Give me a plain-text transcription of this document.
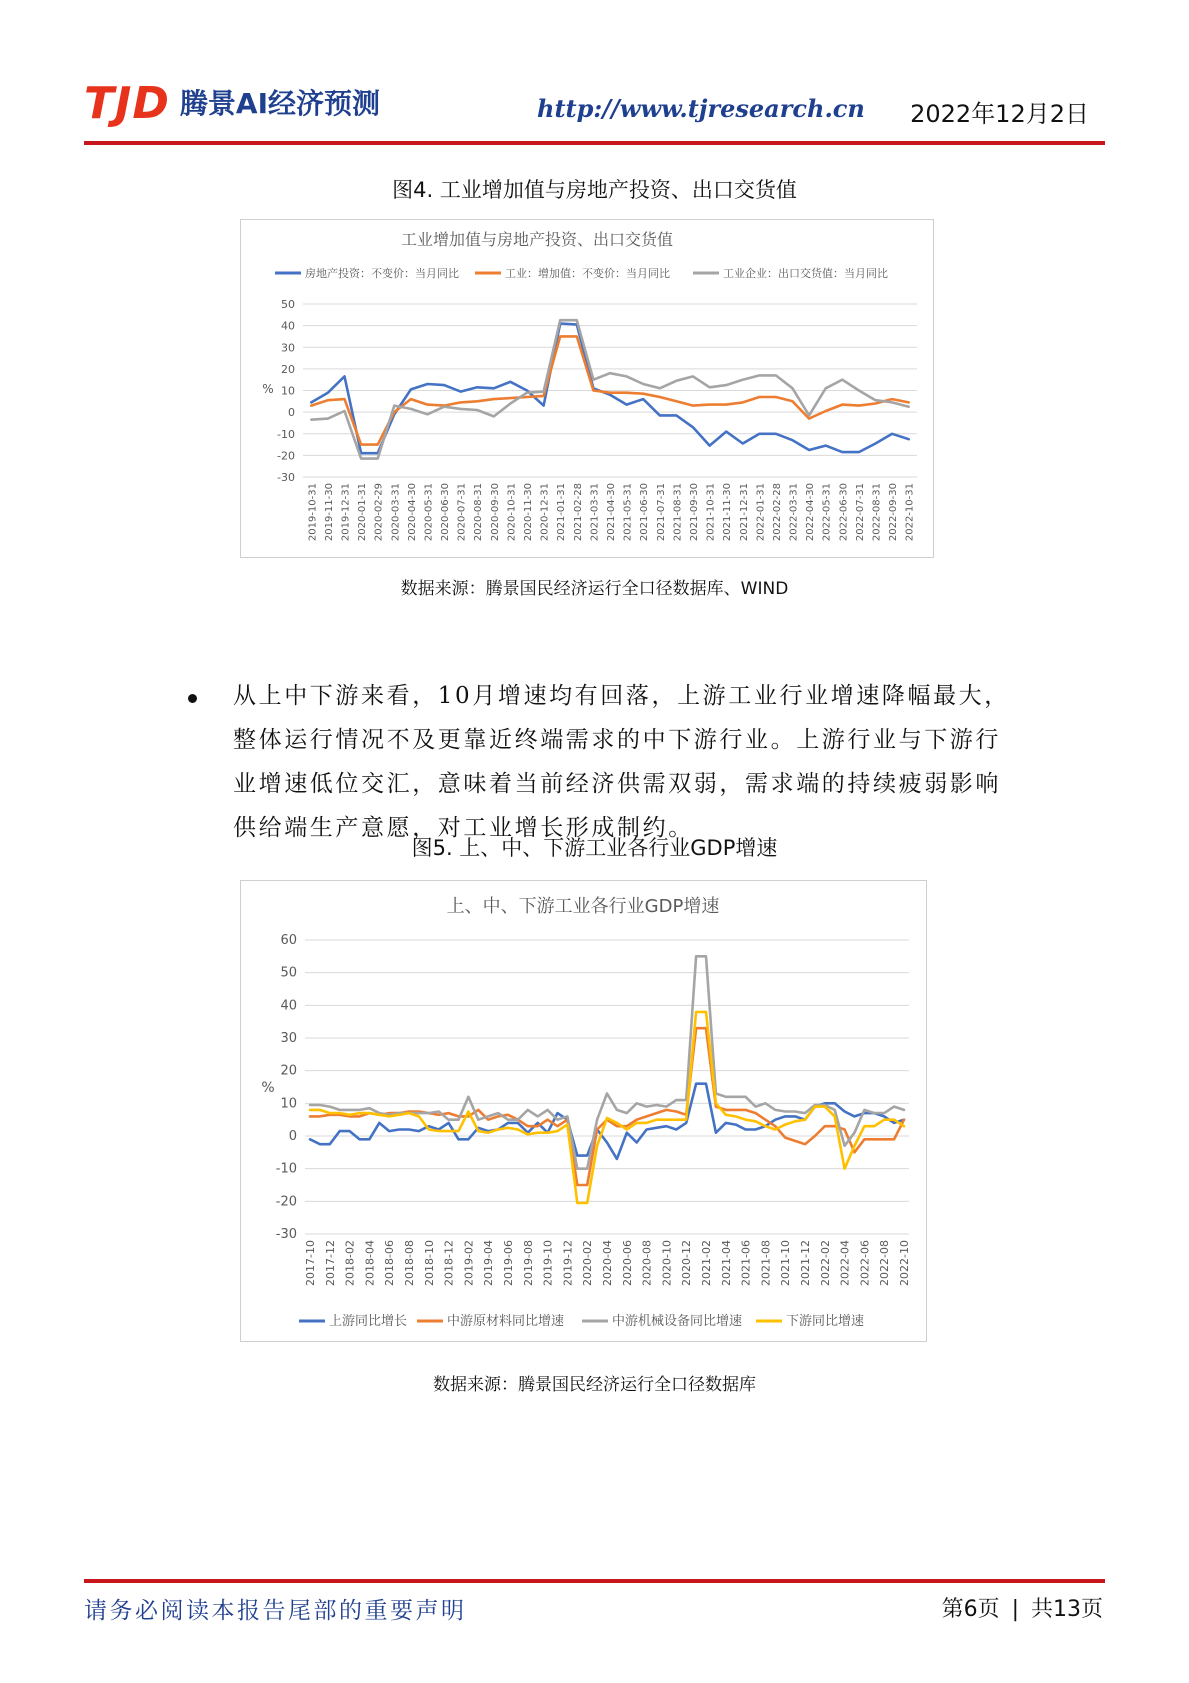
TJD 腾景AI经济预测	http://www.tjresearch.cn 2022年12月2日
图4. 工业增加值与房地产投资、出口交货值
工业增加值与房地产投资、出口交货值
-30
-20
-10
0
10
20
30
40
50
%
2019-10-31 2019-11-30 2019-12-31 2020-01-31 2020-02-29 2020-03-31 2020-04-30 2020-05-31 2020-06-30 2020-07-31 2020-08-31 2020-09-30 2020-10-31 2020-11-30 2020-12-31 2021-01-31 2021-02-28 2021-03-31 2021-04-30 2021-05-31 2021-06-30 2021-07-31 2021-08-31 2021-09-30 2021-10-31 2021-11-30 2021-12-31 2022-01-31 2022-02-28 2022-03-31 2022-04-30 2022-05-31 2022-06-30 2022-07-31 2022-08-31 2022-09-30 2022-10-31
房地产投资：不变价：当月同比	工业：增加值：不变价：当月同比	工业企业：出口交货值：当月同比
数据来源：腾景国民经济运行全口径数据库、WIND
从上中下游来看，10月增速均有回落，上游工业行业增速降幅最大，
整体运行情况不及更靠近终端需求的中下游行业。上游行业与下游行
业增速低位交汇，意味着当前经济供需双弱，需求端的持续疲弱影响
供给端生产意愿，对工业增长形成制约。
图5. 上、中、下游工业各行业GDP增速
上、中、下游工业各行业GDP增速
-30
-20
-10
0
10
20
30
40
50
60
%
2017-10 2017-12 2018-02 2018-04 2018-06 2018-08 2018-10 2018-12 2019-02 2019-04 2019-06 2019-08 2019-10 2019-12 2020-02 2020-04 2020-06 2020-08 2020-10 2020-12 2021-02 2021-04 2021-06 2021-08 2021-10 2021-12 2022-02 2022-04 2022-06 2022-08 2022-10
上游同比增长	中游原材料同比增速	中游机械设备同比增速	下游同比增速
数据来源：腾景国民经济运行全口径数据库
请务必阅读本报告尾部的重要声明	第6页 | 共13页
